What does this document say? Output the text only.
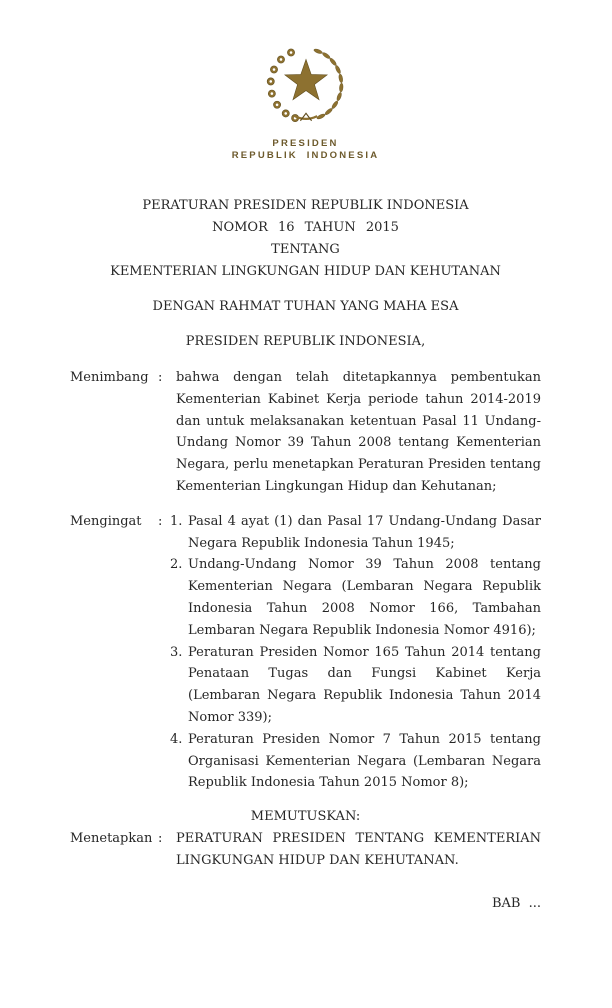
PRESIDEN
REPUBLIK INDONESIA
PERATURAN PRESIDEN REPUBLIK INDONESIA
NOMOR 16 TAHUN 2015
TENTANG
KEMENTERIAN LINGKUNGAN HIDUP DAN KEHUTANAN
DENGAN RAHMAT TUHAN YANG MAHA ESA
PRESIDEN REPUBLIK INDONESIA,
Menimbang :	bahwa dengan telah ditetapkannya pembentukan Kementerian Kabinet Kerja periode tahun 2014-2019 dan untuk melaksanakan ketentuan Pasal 11 Undang-Undang Nomor 39 Tahun 2008 tentang Kementerian Negara, perlu menetapkan Peraturan Presiden tentang Kementerian Lingkungan Hidup dan Kehutanan;
Mengingat	: 1. Pasal 4 ayat (1) dan Pasal 17 Undang-Undang Dasar Negara Republik Indonesia Tahun 1945;
2. Undang-Undang Nomor 39 Tahun 2008 tentang Kementerian Negara (Lembaran Negara Republik Indonesia Tahun 2008 Nomor 166, Tambahan Lembaran Negara Republik Indonesia Nomor 4916);
3. Peraturan Presiden Nomor 165 Tahun 2014 tentang Penataan Tugas dan Fungsi Kabinet Kerja (Lembaran Negara Republik Indonesia Tahun 2014 Nomor 339);
4. Peraturan Presiden Nomor 7 Tahun 2015 tentang Organisasi Kementerian Negara (Lembaran Negara Republik Indonesia Tahun 2015 Nomor 8);
MEMUTUSKAN:
Menetapkan :	PERATURAN PRESIDEN TENTANG KEMENTERIAN LINGKUNGAN HIDUP DAN KEHUTANAN.
BAB ...
